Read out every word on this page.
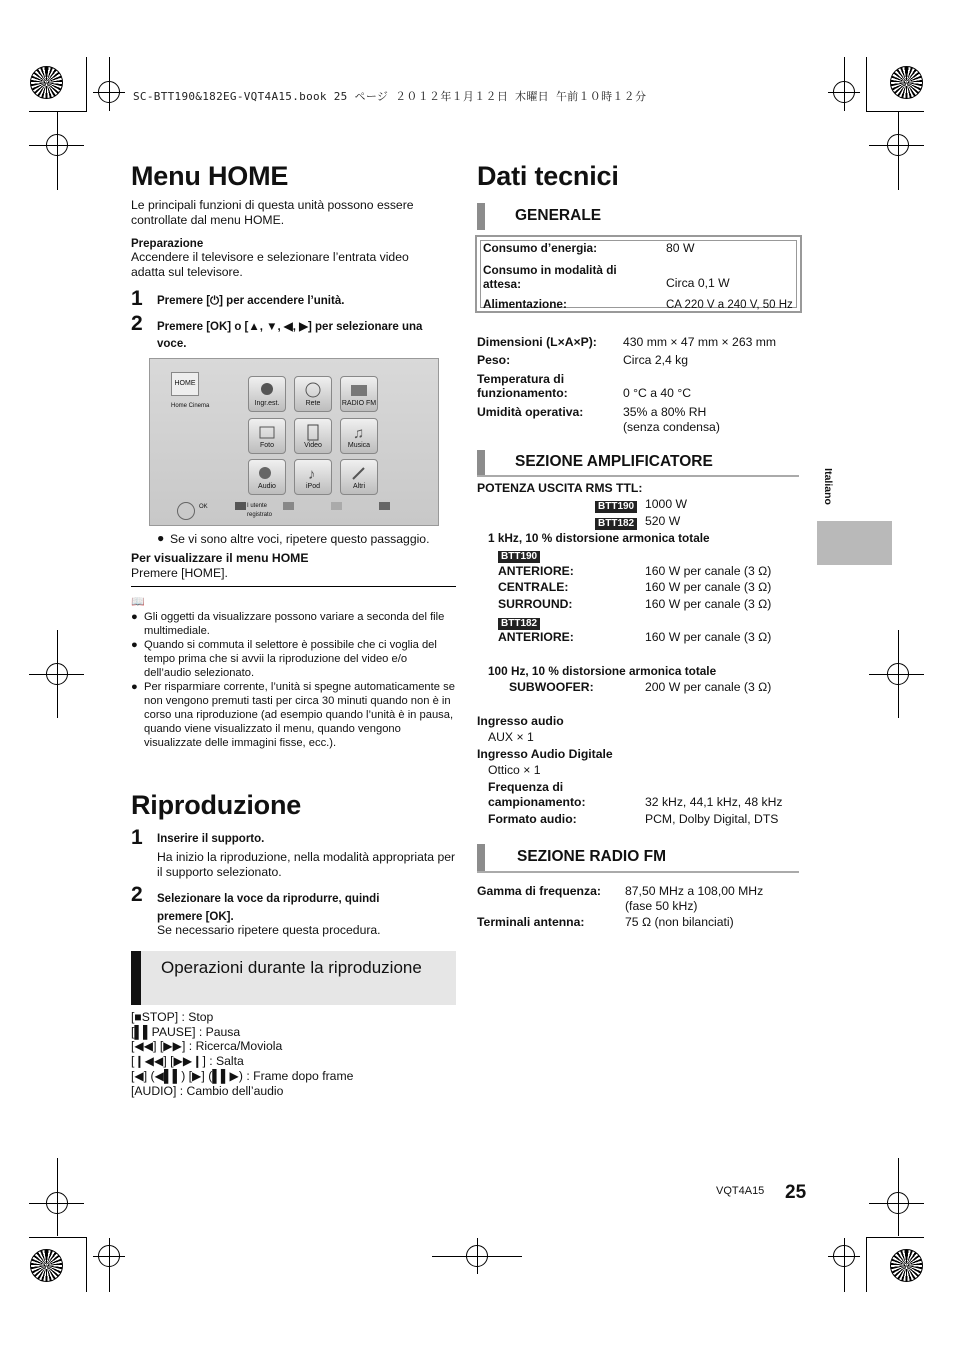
SC-BTT190&182EG-VQT4A15.book 25 ページ ２０１２年１月１２日 木曜日 午前１０時１２分
Menu HOME
Le principali funzioni di questa unità possono essere controllate dal menu HOME.
Preparazione
Accendere il televisore e selezionare l’entrata video adatta sul televisore.
1 Premere [⏻] per accendere l’unità.
2 Premere [OK] o [▲, ▼, ◀, ▶] per selezionare una voce.
HOME
Home Cinema	Ingr.est.	Rete	RADIO FM
Foto	Video
♫
Musica
Audio
♪
iPod	Altri
OK	I utente registrato
● Se vi sono altre voci, ripetere questo passaggio.
Per visualizzare il menu HOME
Premere [HOME].
📖
● Gli oggetti da visualizzare possono variare a seconda del file multimediale.
● Quando si commuta il selettore è possibile che ci voglia del tempo prima che si avvii la riproduzione del video e/o dell’audio selezionato.
● Per risparmiare corrente, l’unità si spegne automaticamente se non vengono premuti tasti per circa 30 minuti quando non è in corso una riproduzione (ad esempio quando l’unità è in pausa, quando viene visualizzato il menu, quando vengono visualizzate delle immagini fisse, ecc.).
Riproduzione
1 Inserire il supporto.
Ha inizio la riproduzione, nella modalità appropriata per il supporto selezionato.
2 Selezionare la voce da riprodurre, quindi premere [OK].
Se necessario ripetere questa procedura.
Operazioni durante la riproduzione
[■STOP] : Stop
[▌▌PAUSE] : Pausa
[◀◀] [▶▶] : Ricerca/Moviola
[❙◀◀] [▶▶❙] : Salta
[◀] (◀▌▌) [▶] (▌▌▶) : Frame dopo frame
[AUDIO] : Cambio dell’audio
Dati tecnici
GENERALE
Consumo d’energia:	80 W
Consumo in modalità di attesa:	Circa 0,1 W
Alimentazione:	CA 220 V a 240 V, 50 Hz
Dimensioni (L×A×P): 430 mm × 47 mm × 263 mm
Peso:	Circa 2,4 kg
Temperatura di funzionamento:	0 °C a 40 °C
Umidità operativa:	35% a 80% RH
(senza condensa)
SEZIONE AMPLIFICATORE
POTENZA USCITA RMS TTL:
BTT190 1000 W
BTT182 520 W
1 kHz, 10 % distorsione armonica totale
BTT190
ANTERIORE:	160 W per canale (3 Ω)
CENTRALE:	160 W per canale (3 Ω)
SURROUND:	160 W per canale (3 Ω)
BTT182
ANTERIORE:	160 W per canale (3 Ω)
100 Hz, 10 % distorsione armonica totale
SUBWOOFER:	200 W per canale (3 Ω)
Ingresso audio
AUX × 1
Ingresso Audio Digitale
Ottico × 1
Frequenza di campionamento:	32 kHz, 44,1 kHz, 48 kHz
Formato audio:	PCM, Dolby Digital, DTS
SEZIONE RADIO FM
Gamma di frequenza: 87,50 MHz a 108,00 MHz
(fase 50 kHz)
Terminali antenna:	75 Ω (non bilanciati)
Italiano
VQT4A15 25
